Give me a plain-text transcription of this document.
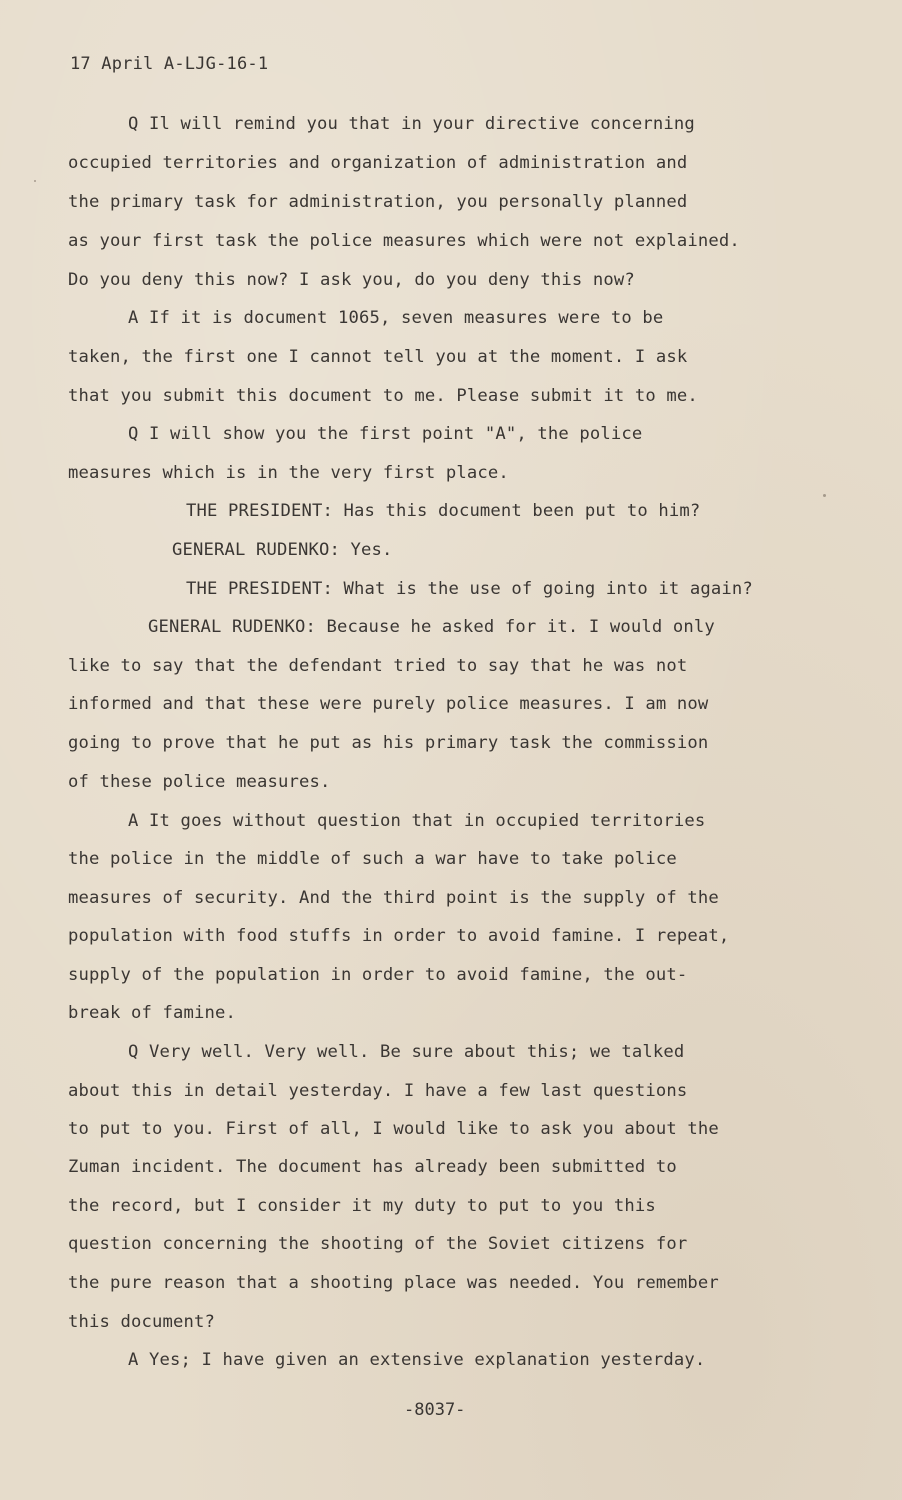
17 April A-LJG-16-1
Q Il will remind you that in your directive concerning
occupied territories and organization of administration and
the primary task for administration, you personally planned
as your first task the police measures which were not explained.
Do you deny this now? I ask you, do you deny this now?
A If it is document 1065, seven measures were to be
taken, the first one I cannot tell you at the moment. I ask
that you submit this document to me. Please submit it to me.
Q I will show you the first point "A", the police
measures which is in the very first place.
THE PRESIDENT: Has this document been put to him?
GENERAL RUDENKO: Yes.
THE PRESIDENT: What is the use of going into it again?
GENERAL RUDENKO: Because he asked for it. I would only
like to say that the defendant tried to say that he was not
informed and that these were purely police measures. I am now
going to prove that he put as his primary task the commission
of these police measures.
A It goes without question that in occupied territories
the police in the middle of such a war have to take police
measures of security. And the third point is the supply of the
population with food stuffs in order to avoid famine. I repeat,
supply of the population in order to avoid famine, the out-
break of famine.
Q Very well. Very well. Be sure about this; we talked
about this in detail yesterday. I have a few last questions
to put to you. First of all, I would like to ask you about the
Zuman incident. The document has already been submitted to
the record, but I consider it my duty to put to you this
question concerning the shooting of the Soviet citizens for
the pure reason that a shooting place was needed. You remember
this document?
A Yes; I have given an extensive explanation yesterday.
-8037-
